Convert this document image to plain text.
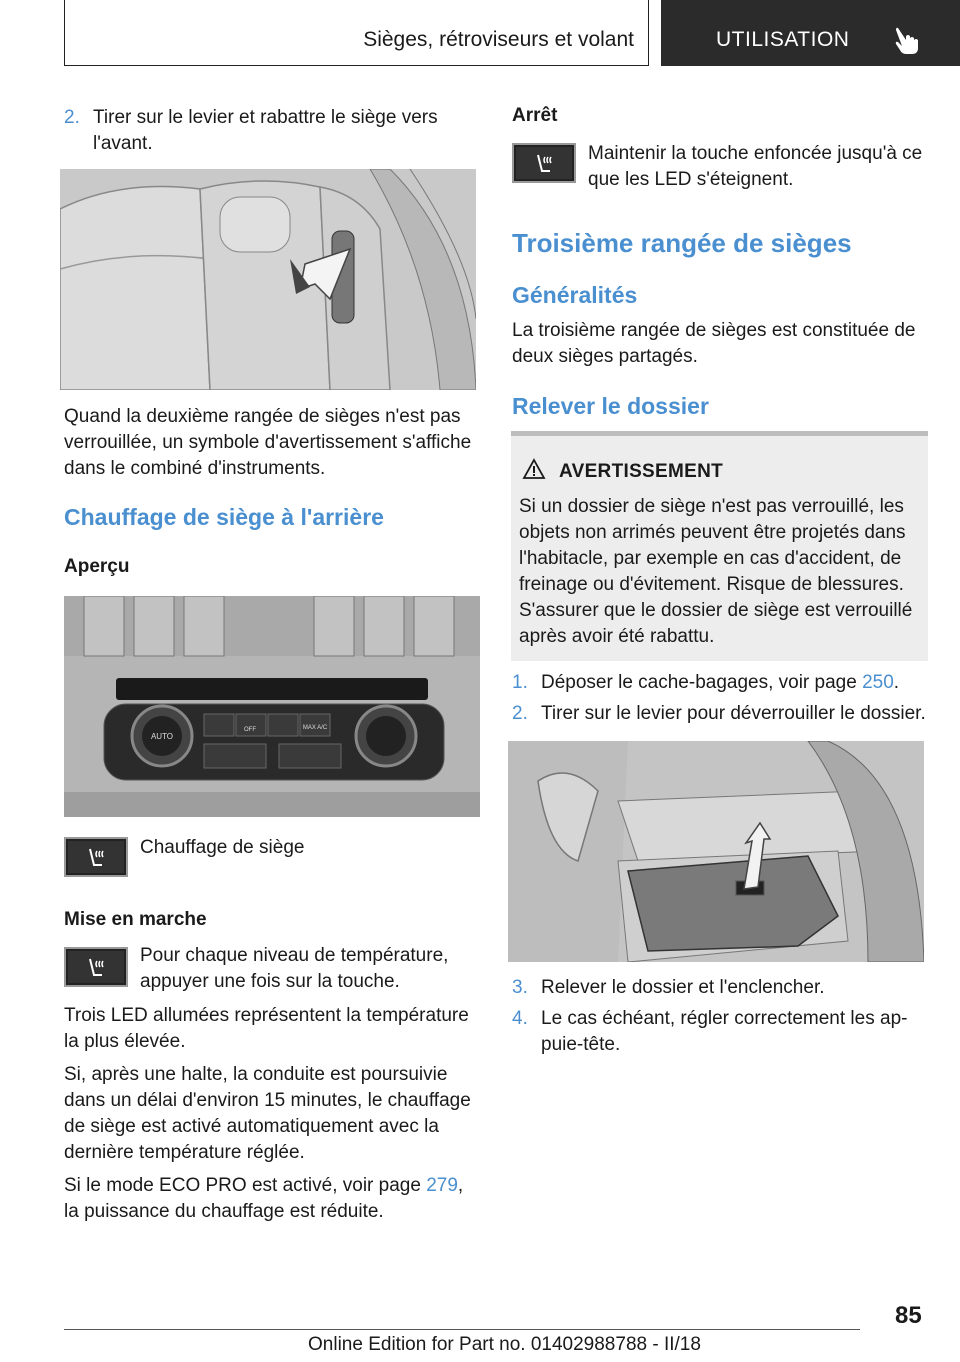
Sièges, rétroviseurs et volant	UTILISATION
2. Tirer sur le levier et rabattre le siège vers
l'avant.
Quand la deuxième rangée de sièges n'est pas
verrouillée, un symbole d'avertissement s'affiche
dans le combiné d'instruments.
Chauffage de siège à l'arrière
Aperçu
AUTO
OFF	MAX A/C
Chauffage de siège
Mise en marche
Pour chaque niveau de température,
appuyer une fois sur la touche.
Trois LED allumées représentent la température
la plus élevée.
Si, après une halte, la conduite est poursuivie
dans un délai d'environ 15 minutes, le chauffage
de siège est activé automatiquement avec la
dernière température réglée.
Si le mode ECO PRO est activé, voir page 279,
la puissance du chauffage est réduite.
Arrêt
Maintenir la touche enfoncée jusqu'à ce
que les LED s'éteignent.
Troisième rangée de sièges
Généralités
La troisième rangée de sièges est constituée de
deux sièges partagés.
Relever le dossier
AVERTISSEMENT
Si un dossier de siège n'est pas verrouillé, les
objets non arrimés peuvent être projetés dans
l'habitacle, par exemple en cas d'accident, de
freinage ou d'évitement. Risque de blessures.
S'assurer que le dossier de siège est verrouillé
après avoir été rabattu.
1. Déposer le cache-bagages, voir page 250.
2. Tirer sur le levier pour déverrouiller le dossier.
3. Relever le dossier et l'enclencher.
4. Le cas échéant, régler correctement les ap-
puie-tête.
85
Online Edition for Part no. 01402988788 - II/18
